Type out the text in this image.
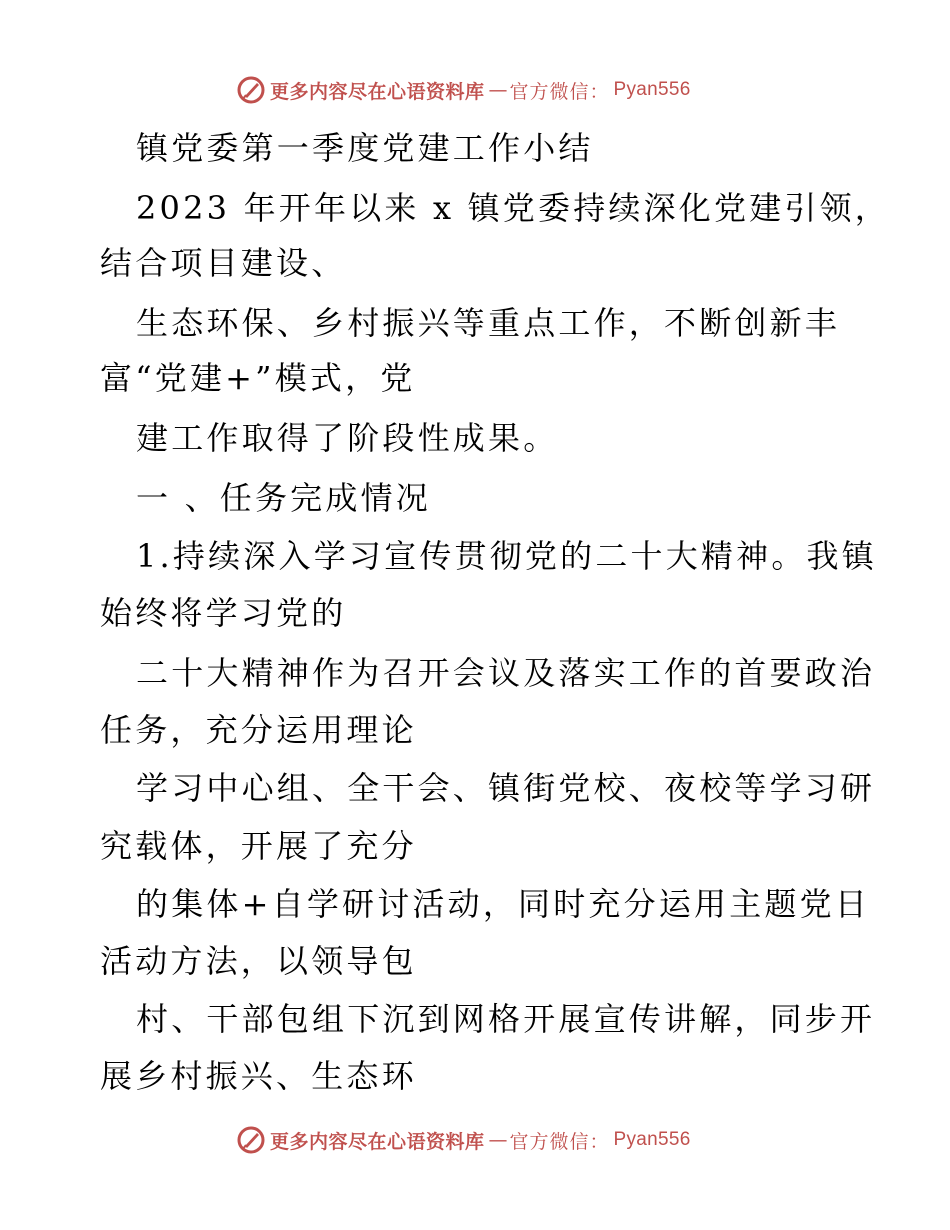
更多内容尽在心语资料库 — 官方微信： Pyan556
镇党委第一季度党建工作小结
2023 年开年以来 x 镇党委持续深化党建引领，
结合项目建设、
生态环保、乡村振兴等重点工作，不断创新丰
富“党建+”模式，党
建工作取得了阶段性成果。
一 、任务完成情况
1.持续深入学习宣传贯彻党的二十大精神。我镇
始终将学习党的
二十大精神作为召开会议及落实工作的首要政治
任务，充分运用理论
学习中心组、全干会、镇街党校、夜校等学习研
究载体，开展了充分
的集体+自学研讨活动，同时充分运用主题党日
活动方法，以领导包
村、干部包组下沉到网格开展宣传讲解，同步开
展乡村振兴、生态环
更多内容尽在心语资料库 — 官方微信： Pyan556
